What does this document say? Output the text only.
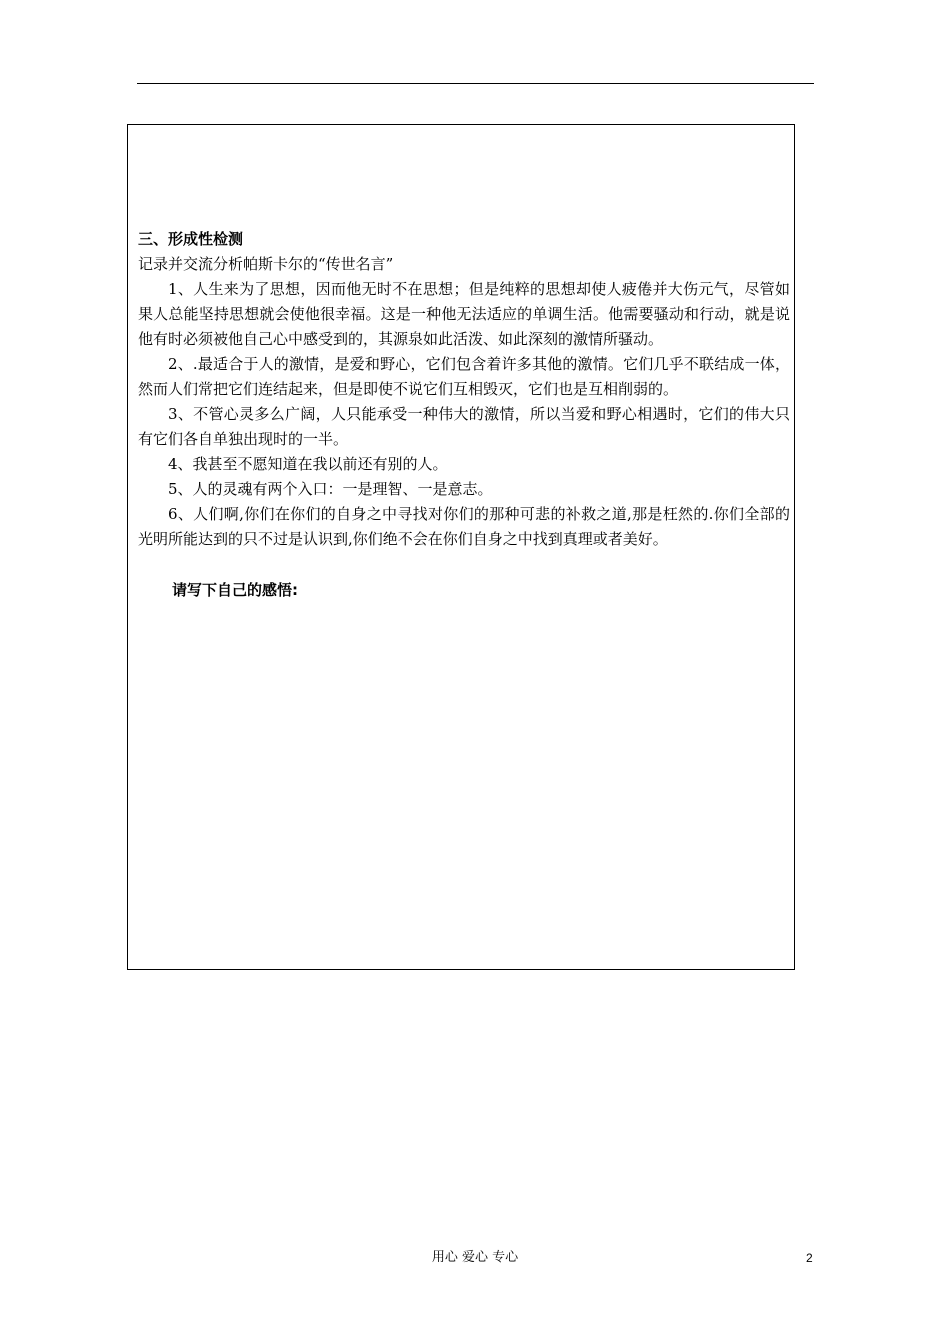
三、形成性检测

记录并交流分析帕斯卡尔的“传世名言”

1、人生来为了思想，因而他无时不在思想；但是纯粹的思想却使人疲倦并大伤元气，尽管如果人总能坚持思想就会使他很幸福。这是一种他无法适应的单调生活。他需要骚动和行动，就是说他有时必须被他自己心中感受到的，其源泉如此活泼、如此深刻的激情所骚动。

2、.最适合于人的激情，是爱和野心，它们包含着许多其他的激情。它们几乎不联结成一体，然而人们常把它们连结起来，但是即使不说它们互相毁灭，它们也是互相削弱的。

3、不管心灵多么广阔，人只能承受一种伟大的激情，所以当爱和野心相遇时，它们的伟大只有它们各自单独出现时的一半。

4、我甚至不愿知道在我以前还有别的人。

5、人的灵魂有两个入口：一是理智、一是意志。

6、人们啊,你们在你们的自身之中寻找对你们的那种可悲的补救之道,那是枉然的.你们全部的光明所能达到的只不过是认识到,你们绝不会在你们自身之中找到真理或者美好。

请写下自己的感悟:

用心 爱心 专心	2
